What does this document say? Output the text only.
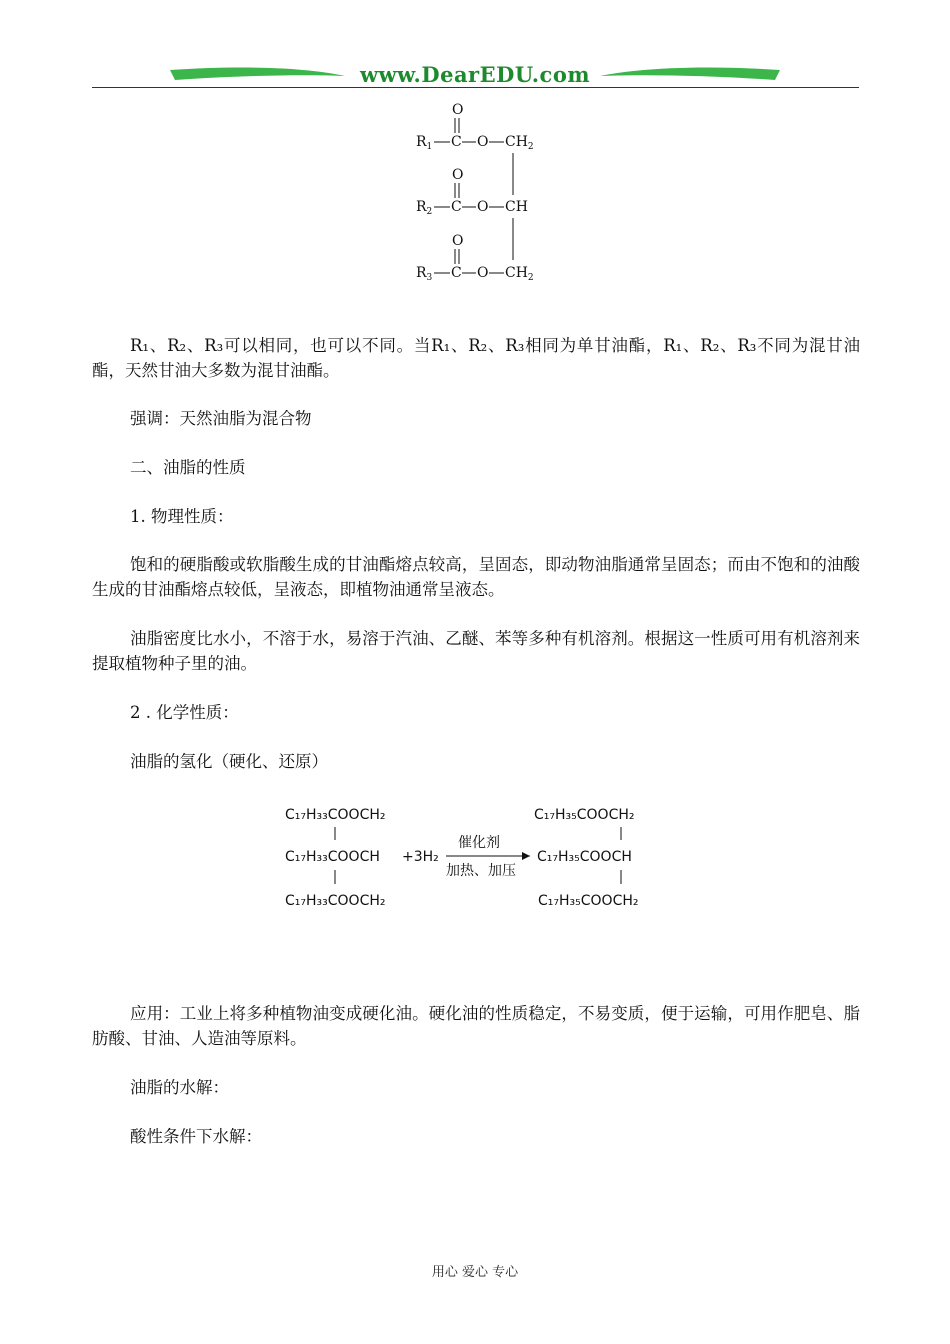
www.DearEDU.com
O
$R_1$ C O $CH_2$
O
$R_2$ C O CH
O
$R_3$ C O $CH_2$
R₁、R₂、R₃可以相同，也可以不同。当R₁、R₂、R₃相同为单甘油酯，R₁、R₂、R₃不同为混甘油酯，天然甘油大多数为混甘油酯。
强调：天然油脂为混合物
二、油脂的性质
1. 物理性质：
饱和的硬脂酸或软脂酸生成的甘油酯熔点较高，呈固态，即动物油脂通常呈固态；而由不饱和的油酸生成的甘油酯熔点较低，呈液态，即植物油通常呈液态。
油脂密度比水小，不溶于水，易溶于汽油、乙醚、苯等多种有机溶剂。根据这一性质可用有机溶剂来提取植物种子里的油。
2 . 化学性质：
油脂的氢化（硬化、还原）
C₁₇H₃₃COOCH₂
C₁₇H₃₃COOCH
C₁₇H₃₃COOCH₂
+3H₂
催化剂
加热、加压
C₁₇H₃₅COOCH₂
C₁₇H₃₅COOCH
C₁₇H₃₅COOCH₂
应用：工业上将多种植物油变成硬化油。硬化油的性质稳定，不易变质，便于运输，可用作肥皂、脂肪酸、甘油、人造油等原料。
油脂的水解：
酸性条件下水解：
用心 爱心 专心
